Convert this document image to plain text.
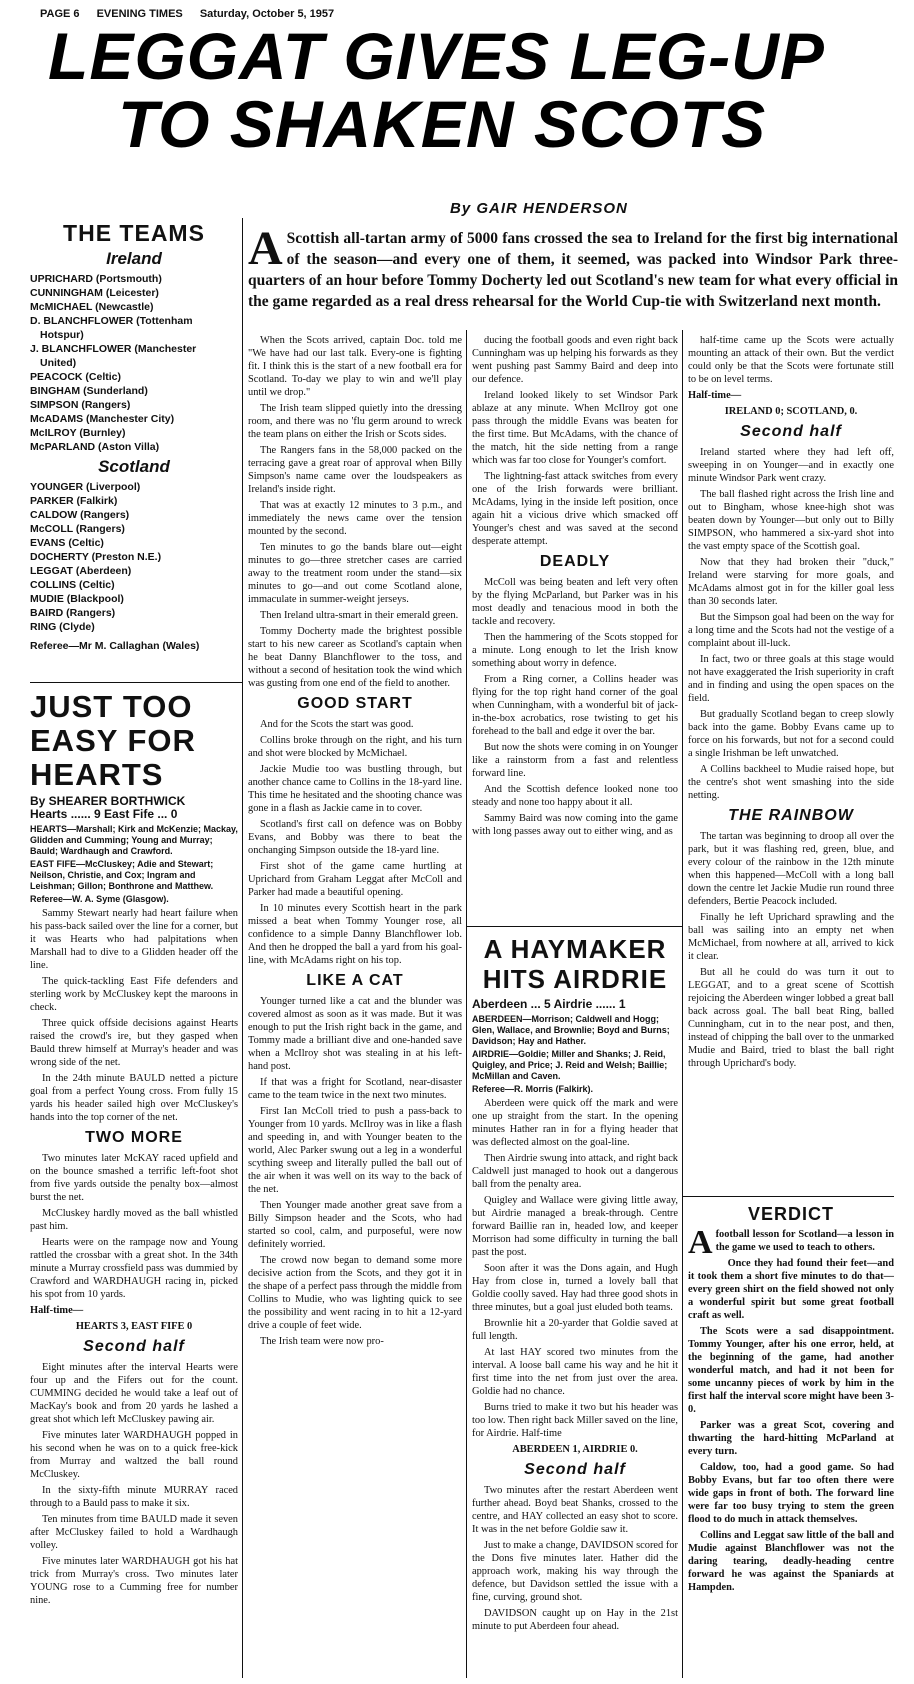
PAGE 6 EVENING TIMES Saturday, October 5, 1957
LEGGAT GIVES LEG-UP
TO SHAKEN SCOTS
By GAIR HENDERSON
A Scottish all-tartan army of 5000 fans crossed the sea to Ireland for the first big international of the season—and every one of them, it seemed, was packed into Windsor Park three-quarters of an hour before Tommy Docherty led out Scotland's new team for what every official in the game regarded as a real dress rehearsal for the World Cup-tie with Switzerland next month.
THE TEAMS
Ireland
UPRICHARD (Portsmouth)
CUNNINGHAM (Leicester)
McMICHAEL (Newcastle)
D. BLANCHFLOWER (Tottenham
Hotspur)
J. BLANCHFLOWER (Manchester
United)
PEACOCK (Celtic)
BINGHAM (Sunderland)
SIMPSON (Rangers)
McADAMS (Manchester City)
McILROY (Burnley)
McPARLAND (Aston Villa)
Scotland
YOUNGER (Liverpool)
PARKER (Falkirk)
CALDOW (Rangers)
McCOLL (Rangers)
EVANS (Celtic)
DOCHERTY (Preston N.E.)
LEGGAT (Aberdeen)
COLLINS (Celtic)
MUDIE (Blackpool)
BAIRD (Rangers)
RING (Clyde)
Referee—Mr M. Callaghan (Wales)
JUST TOO
EASY FOR
HEARTS
By SHEARER BORTHWICK
Hearts ...... 9 East Fife ... 0
HEARTS—Marshall; Kirk and McKenzie; Mackay, Glidden and Cumming; Young and Murray; Bauld; Wardhaugh and Crawford.
EAST FIFE—McCluskey; Adie and Stewart; Neilson, Christie, and Cox; Ingram and Leishman; Gillon; Bonthrone and Matthew.
Referee—W. A. Syme (Glasgow).

Sammy Stewart nearly had heart failure when his pass-back sailed over the line for a corner, but it was Hearts who had palpitations when Marshall had to dive to a Glidden header off the line.

The quick-tackling East Fife defenders and sterling work by McCluskey kept the maroons in check.

Three quick offside decisions against Hearts raised the crowd's ire, but they gasped when Bauld threw himself at Murray's header and was wrong side of the net.

In the 24th minute BAULD netted a picture goal from a perfect Young cross. From fully 15 yards his header sailed high over McCluskey's hands into the top corner of the net.

TWO MORE

Two minutes later McKAY raced upfield and on the bounce smashed a terrific left-foot shot from five yards outside the penalty box—almost burst the net.

McCluskey hardly moved as the ball whistled past him.

Hearts were on the rampage now and Young rattled the crossbar with a great shot. In the 34th minute a Murray crossfield pass was dummied by Crawford and WARDHAUGH racing in, picked his spot from 10 yards.

Half-time—

HEARTS 3, EAST FIFE 0

Second half

Eight minutes after the interval Hearts were four up and the Fifers out for the count. CUMMING decided he would take a leaf out of MacKay's book and from 20 yards he lashed a great shot which left McCluskey pawing air.

Five minutes later WARDHAUGH popped in his second when he was on to a quick free-kick from Murray and waltzed the ball round McCluskey.

In the sixty-fifth minute MURRAY raced through to a Bauld pass to make it six.

Ten minutes from time BAULD made it seven after McCluskey failed to hold a Wardhaugh volley.

Five minutes later WARDHAUGH got his hat trick from Murray's cross. Two minutes later YOUNG rose to a Cumming free for number nine.

When the Scots arrived, captain Doc. told me "We have had our last talk. Every-one is fighting fit. I think this is the start of a new football era for Scotland. To-day we play to win and we'll play until we drop."

The Irish team slipped quietly into the dressing room, and there was no 'flu germ around to wreck the team plans on either the Irish or Scots sides.

The Rangers fans in the 58,000 packed on the terracing gave a great roar of approval when Billy Simpson's name came over the loudspeakers as Ireland's inside right.

That was at exactly 12 minutes to 3 p.m., and immediately the news came over the tension mounted by the second.

Ten minutes to go the bands blare out—eight minutes to go—three stretcher cases are carried away to the treatment room under the stand—six minutes to go—and out come Scotland alone, immaculate in summer-weight jerseys.

Then Ireland ultra-smart in their emerald green.

Tommy Docherty made the brightest possible start to his new career as Scotland's captain when he beat Danny Blanchflower to the toss, and without a second of hesitation took the wind which was gusting from one end of the field to another.

GOOD START

And for the Scots the start was good.

Collins broke through on the right, and his turn and shot were blocked by McMichael.

Jackie Mudie too was bustling through, but another chance came to Collins in the 18-yard line. This time he hesitated and the shooting chance was gone in a flash as Jackie came in to cover.

Scotland's first call on defence was on Bobby Evans, and Bobby was there to beat the onchanging Simpson outside the 18-yard line.

First shot of the game came hurtling at Uprichard from Graham Leggat after McColl and Parker had made a beautiful opening.

In 10 minutes every Scottish heart in the park missed a beat when Tommy Younger rose, all confidence to a simple Danny Blanchflower lob. And then he dropped the ball a yard from his goal-line, with McAdams right on his top.

LIKE A CAT

Younger turned like a cat and the blunder was covered almost as soon as it was made. But it was enough to put the Irish right back in the game, and Tommy made a brilliant dive and one-handed save when a McIlroy shot was stealing in at his left-hand post.

If that was a fright for Scotland, near-disaster came to the team twice in the next two minutes.

First Ian McColl tried to push a pass-back to Younger from 10 yards. McIlroy was in like a flash and speeding in, and with Younger beaten to the world, Alec Parker swung out a leg in a wonderful scything sweep and literally pulled the ball out of the air when it was well on its way to the back of the net.

Then Younger made another great save from a Billy Simpson header and the Scots, who had started so cool, calm, and purposeful, were now definitely worried.

The crowd now began to demand some more decisive action from the Scots, and they got it in the shape of a perfect pass through the middle from Collins to Mudie, who was lighting quick to see the possibility and went racing in to hit a 12-yard drive a couple of feet wide.

The Irish team were now pro-

ducing the football goods and even right back Cunningham was up helping his forwards as they went pushing past Sammy Baird and deep into our defence.

Ireland looked likely to set Windsor Park ablaze at any minute. When McIlroy got one pass through the middle Evans was beaten for the first time. But McAdams, with the chance of the match, hit the side netting from a range which was far too close for Younger's comfort.

The lightning-fast attack switches from every one of the Irish forwards were brilliant. McAdams, lying in the inside left position, once again hit a vicious drive which smacked off Younger's chest and was saved at the second desperate attempt.

DEADLY

McColl was being beaten and left very often by the flying McParland, but Parker was in his most deadly and tenacious mood in both the tackle and recovery.

Then the hammering of the Scots stopped for a minute. Long enough to let the Irish know something about worry in defence.

From a Ring corner, a Collins header was flying for the top right hand corner of the goal when Cunningham, with a wonderful bit of jack-in-the-box acrobatics, rose twisting to get his forehead to the ball and edge it over the bar.

But now the shots were coming in on Younger like a rainstorm from a fast and relentless forward line.

And the Scottish defence looked none too steady and none too happy about it all.

Sammy Baird was now coming into the game with long passes away out to either wing, and as

A HAYMAKER
HITS AIRDRIE
Aberdeen ... 5 Airdrie ...... 1
ABERDEEN—Morrison; Caldwell and Hogg; Glen, Wallace, and Brownlie; Boyd and Burns; Davidson; Hay and Hather.
AIRDRIE—Goldie; Miller and Shanks; J. Reid, Quigley, and Price; J. Reid and Welsh; Baillie; McMillan and Caven.
Referee—R. Morris (Falkirk).

Aberdeen were quick off the mark and were one up straight from the start. In the opening minutes Hather ran in for a flying header that was deflected almost on the goal-line.

Then Airdrie swung into attack, and right back Caldwell just managed to hook out a dangerous ball from the penalty area.

Quigley and Wallace were giving little away, but Airdrie managed a break-through. Centre forward Baillie ran in, headed low, and keeper Morrison had some difficulty in turning the ball past the post.

Soon after it was the Dons again, and Hugh Hay from close in, turned a lovely ball that Goldie coolly saved. Hay had three good shots in three minutes, but a goal just eluded both teams.

Brownlie hit a 20-yarder that Goldie saved at full length.

At last HAY scored two minutes from the interval. A loose ball came his way and he hit it first time into the net from just over the area. Goldie had no chance.

Burns tried to make it two but his header was too low. Then right back Miller saved on the line, for Airdrie. Half-time

ABERDEEN 1, AIRDRIE 0.

Second half

Two minutes after the restart Aberdeen went further ahead. Boyd beat Shanks, crossed to the centre, and HAY collected an easy shot to score. It was in the net before Goldie saw it.

Just to make a change, DAVIDSON scored for the Dons five minutes later. Hather did the approach work, making his way through the defence, but Davidson settled the issue with a fine, curving, ground shot.

DAVIDSON caught up on Hay in the 21st minute to put Aberdeen four ahead.

half-time came up the Scots were actually mounting an attack of their own. But the verdict could only be that the Scots were fortunate still to be on level terms.

Half-time—

IRELAND 0; SCOTLAND, 0.

Second half

Ireland started where they had left off, sweeping in on Younger—and in exactly one minute Windsor Park went crazy.

The ball flashed right across the Irish line and out to Bingham, whose knee-high shot was beaten down by Younger—but only out to Billy SIMPSON, who hammered a six-yard shot into the vast empty space of the Scottish goal.

Now that they had broken their "duck," Ireland were starving for more goals, and McAdams almost got in for the killer goal less than 30 seconds later.

But the Simpson goal had been on the way for a long time and the Scots had not the vestige of a complaint about ill-luck.

In fact, two or three goals at this stage would not have exaggerated the Irish superiority in craft and in finding and using the open spaces on the field.

But gradually Scotland began to creep slowly back into the game. Bobby Evans came up to force on his forwards, but not for a second could a single Irishman be left unwatched.

A Collins backheel to Mudie raised hope, but the centre's shot went smashing into the side netting.

THE RAINBOW

The tartan was beginning to droop all over the park, but it was flashing red, green, blue, and every colour of the rainbow in the 12th minute when this happened—McColl with a long ball down the centre let Jackie Mudie run round three defenders, Bertie Peacock included.

Finally he left Uprichard sprawling and the ball was sailing into an empty net when McMichael, from nowhere at all, arrived to kick it clear.

But all he could do was turn it out to LEGGAT, and to a great scene of Scottish rejoicing the Aberdeen winger lobbed a great ball back across goal. The ball beat Ring, balled Cunningham, cut in to the near post, and then, instead of chipping the ball over to the unmarked Mudie and Baird, tried to blast the ball right through Uprichard's body.

VERDICT

A football lesson for Scotland—a lesson in the game we used to teach to others.

Once they had found their feet—and it took them a short five minutes to do that—every green shirt on the field showed not only a wonderful spirit but some great football craft as well.

The Scots were a sad disappointment. Tommy Younger, after his one error, held, at the beginning of the game, had another wonderful match, and had it not been for some uncanny pieces of work by him in the first half the interval score might have been 3-0.

Parker was a great Scot, covering and thwarting the hard-hitting McParland at every turn.

Caldow, too, had a good game. So had Bobby Evans, but far too often there were wide gaps in front of both. The forward line were far too busy trying to stem the green flood to do much in attack themselves.

Collins and Leggat saw little of the ball and Mudie against Blanchflower was not the daring tearing, deadly-heading centre forward he was against the Spaniards at Hampden.
